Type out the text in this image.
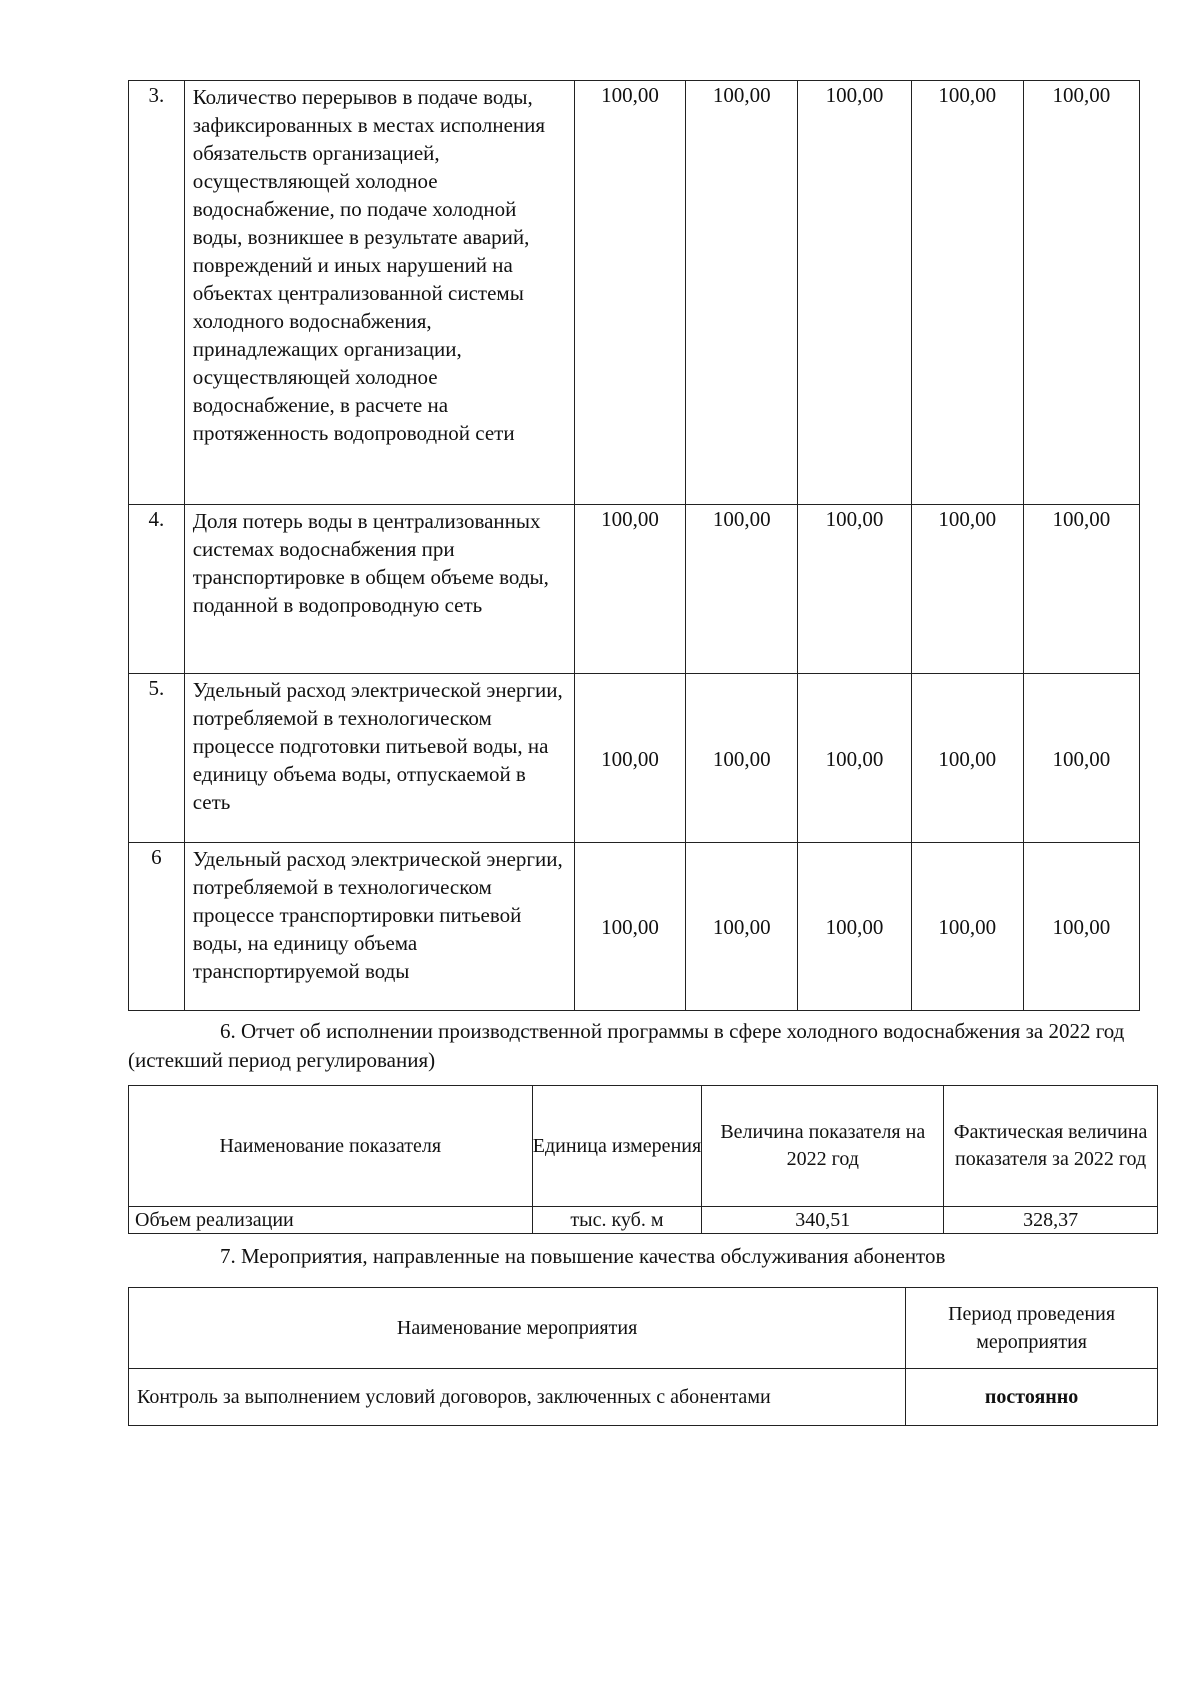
3.	Количество перерывов в подаче воды, зафиксированных в местах исполнения обязательств организацией, осуществляющей холодное водоснабжение, по подаче холодной воды, возникшее в результате аварий, повреждений и иных нарушений на объектах централизованной системы холодного водоснабжения, принадлежащих организации, осуществляющей холодное водоснабжение, в расчете на протяженность водопроводной сети	100,00	100,00	100,00	100,00	100,00
4.	Доля потерь воды в централизованных системах водоснабжения при транспортировке в общем объеме воды, поданной в водопроводную сеть	100,00	100,00	100,00	100,00	100,00
5.	Удельный расход электрической энергии, потребляемой в технологическом процессе подготовки питьевой воды, на единицу объема воды, отпускаемой в сеть	100,00	100,00	100,00	100,00	100,00
6	Удельный расход электрической энергии, потребляемой в технологическом процессе транспортировки питьевой воды, на единицу объема транспортируемой воды	100,00	100,00	100,00	100,00	100,00
6. Отчет об исполнении производственной программы в сфере холодного водоснабжения за 2022 год (истекший период регулирования)
Наименование показателя	Единица измерения	Величина показателя на 2022 год	Фактическая величина показателя за 2022 год
Объем реализации	тыс. куб. м	340,51	328,37
7. Мероприятия, направленные на повышение качества обслуживания абонентов
Наименование мероприятия	Период проведения мероприятия
Контроль за выполнением условий договоров, заключенных с абонентами	постоянно
